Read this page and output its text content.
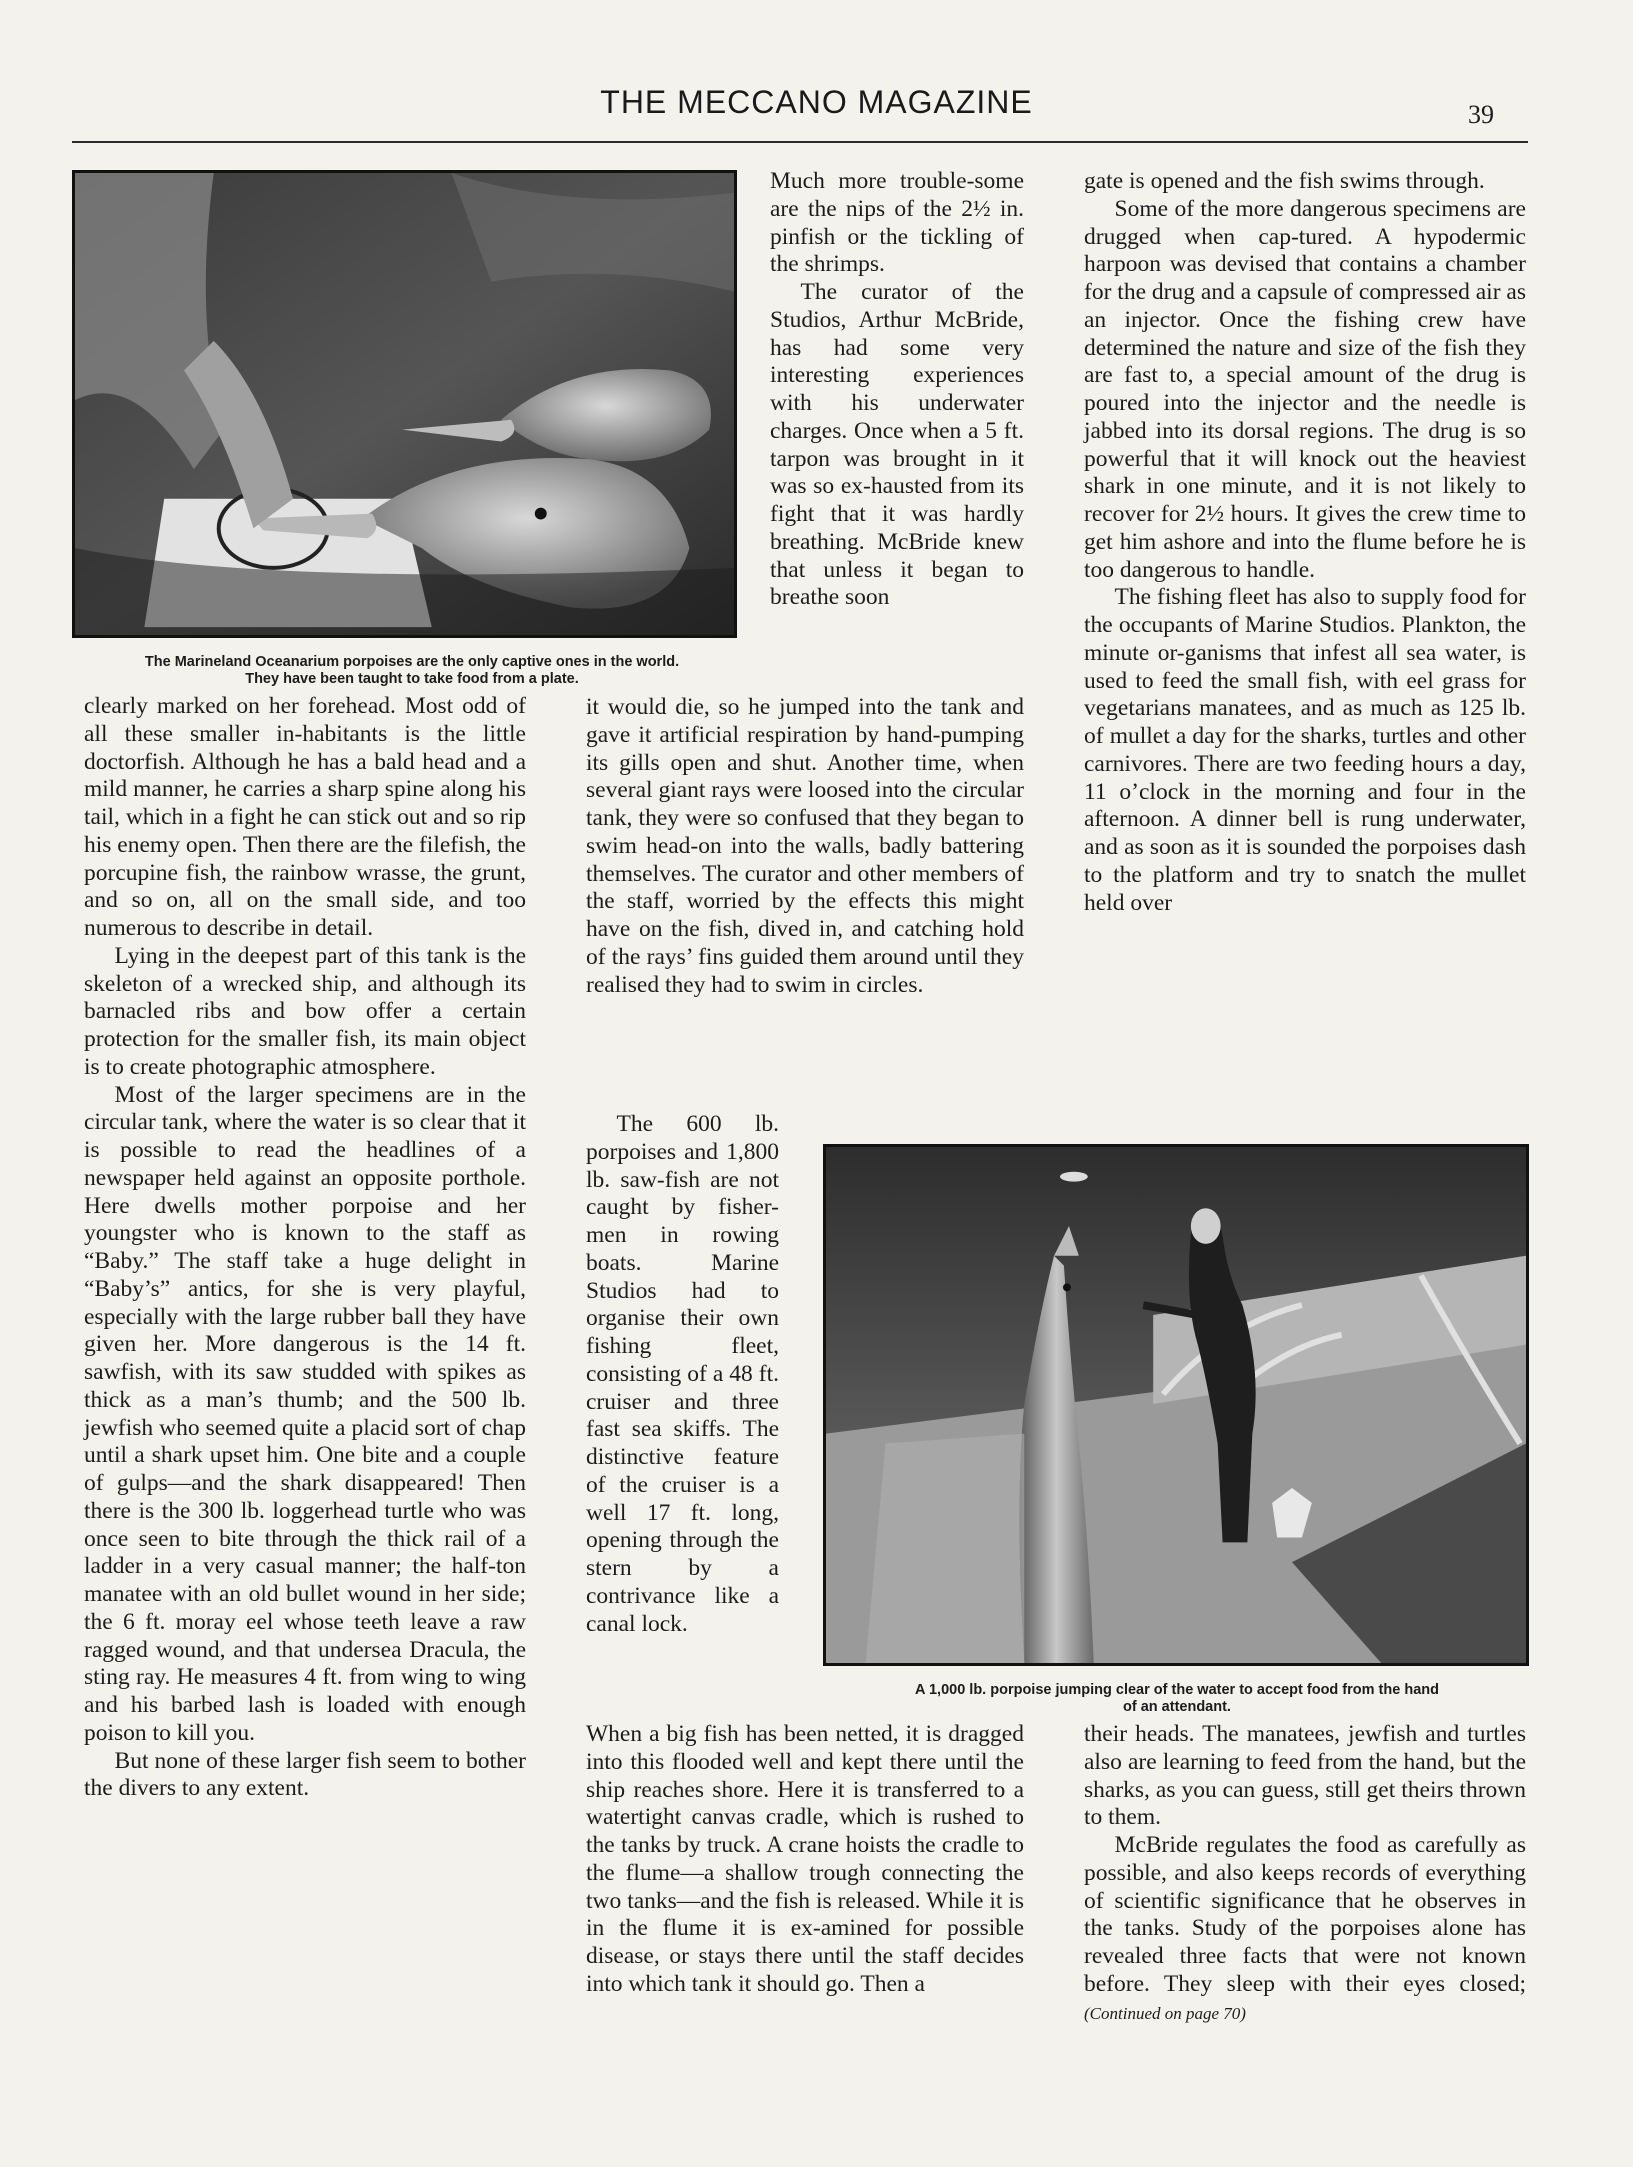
THE MECCANO MAGAZINE	39
The Marineland Oceanarium porpoises are the only captive ones in the world.
They have been taught to take food from a plate.

clearly marked on her forehead. Most odd of all these smaller in-habitants is the little doctorfish. Although he has a bald head and a mild manner, he carries a sharp spine along his tail, which in a fight he can stick out and so rip his enemy open. Then there are the filefish, the porcupine fish, the rainbow wrasse, the grunt, and so on, all on the small side, and too numerous to describe in detail.

Lying in the deepest part of this tank is the skeleton of a wrecked ship, and although its barnacled ribs and bow offer a certain protection for the smaller fish, its main object is to create photographic atmosphere.

Most of the larger specimens are in the circular tank, where the water is so clear that it is possible to read the headlines of a newspaper held against an opposite porthole. Here dwells mother porpoise and her youngster who is known to the staff as “Baby.” The staff take a huge delight in “Baby’s” antics, for she is very playful, especially with the large rubber ball they have given her. More dangerous is the 14 ft. sawfish, with its saw studded with spikes as thick as a man’s thumb; and the 500 lb. jewfish who seemed quite a placid sort of chap until a shark upset him. One bite and a couple of gulps—and the shark disappeared! Then there is the 300 lb. loggerhead turtle who was once seen to bite through the thick rail of a ladder in a very casual manner; the half-ton manatee with an old bullet wound in her side; the 6 ft. moray eel whose teeth leave a raw ragged wound, and that undersea Dracula, the sting ray. He measures 4 ft. from wing to wing and his barbed lash is loaded with enough poison to kill you.

But none of these larger fish seem to bother the divers to any extent.

Much more trouble-some are the nips of the 2½ in. pinfish or the tickling of the shrimps.

The curator of the Studios, Arthur McBride, has had some very interesting experiences with his underwater charges. Once when a 5 ft. tarpon was brought in it was so ex-hausted from its fight that it was hardly breathing. McBride knew that unless it began to breathe soon

it would die, so he jumped into the tank and gave it artificial respiration by hand-pumping its gills open and shut. Another time, when several giant rays were loosed into the circular tank, they were so confused that they began to swim head-on into the walls, badly battering themselves. The curator and other members of the staff, worried by the effects this might have on the fish, dived in, and catching hold of the rays’ fins guided them around until they realised they had to swim in circles.

The 600 lb. porpoises and 1,800 lb. saw-fish are not caught by fisher-men in rowing boats. Marine Studios had to organise their own fishing fleet, consisting of a 48 ft. cruiser and three fast sea skiffs. The distinctive feature of the cruiser is a well 17 ft. long, opening through the stern by a contrivance like a canal lock.

When a big fish has been netted, it is dragged into this flooded well and kept there until the ship reaches shore. Here it is transferred to a watertight canvas cradle, which is rushed to the tanks by truck. A crane hoists the cradle to the flume—a shallow trough connecting the two tanks—and the fish is released. While it is in the flume it is ex-amined for possible disease, or stays there until the staff decides into which tank it should go. Then a

gate is opened and the fish swims through.

Some of the more dangerous specimens are drugged when cap-tured. A hypodermic harpoon was devised that contains a chamber for the drug and a capsule of compressed air as an injector. Once the fishing crew have determined the nature and size of the fish they are fast to, a special amount of the drug is poured into the injector and the needle is jabbed into its dorsal regions. The drug is so powerful that it will knock out the heaviest shark in one minute, and it is not likely to recover for 2½ hours. It gives the crew time to get him ashore and into the flume before he is too dangerous to handle.

The fishing fleet has also to supply food for the occupants of Marine Studios. Plankton, the minute or-ganisms that infest all sea water, is used to feed the small fish, with eel grass for vegetarians manatees, and as much as 125 lb. of mullet a day for the sharks, turtles and other carnivores. There are two feeding hours a day, 11 o’clock in the morning and four in the afternoon. A dinner bell is rung underwater, and as soon as it is sounded the porpoises dash to the platform and try to snatch the mullet held over

A 1,000 lb. porpoise jumping clear of the water to accept food from the hand
of an attendant.

their heads. The manatees, jewfish and turtles also are learning to feed from the hand, but the sharks, as you can guess, still get theirs thrown to them.

McBride regulates the food as carefully as possible, and also keeps records of everything of scientific significance that he observes in the tanks. Study of the porpoises alone has revealed three facts that were not known before. They sleep with their eyes closed; (Continued on page 70)
